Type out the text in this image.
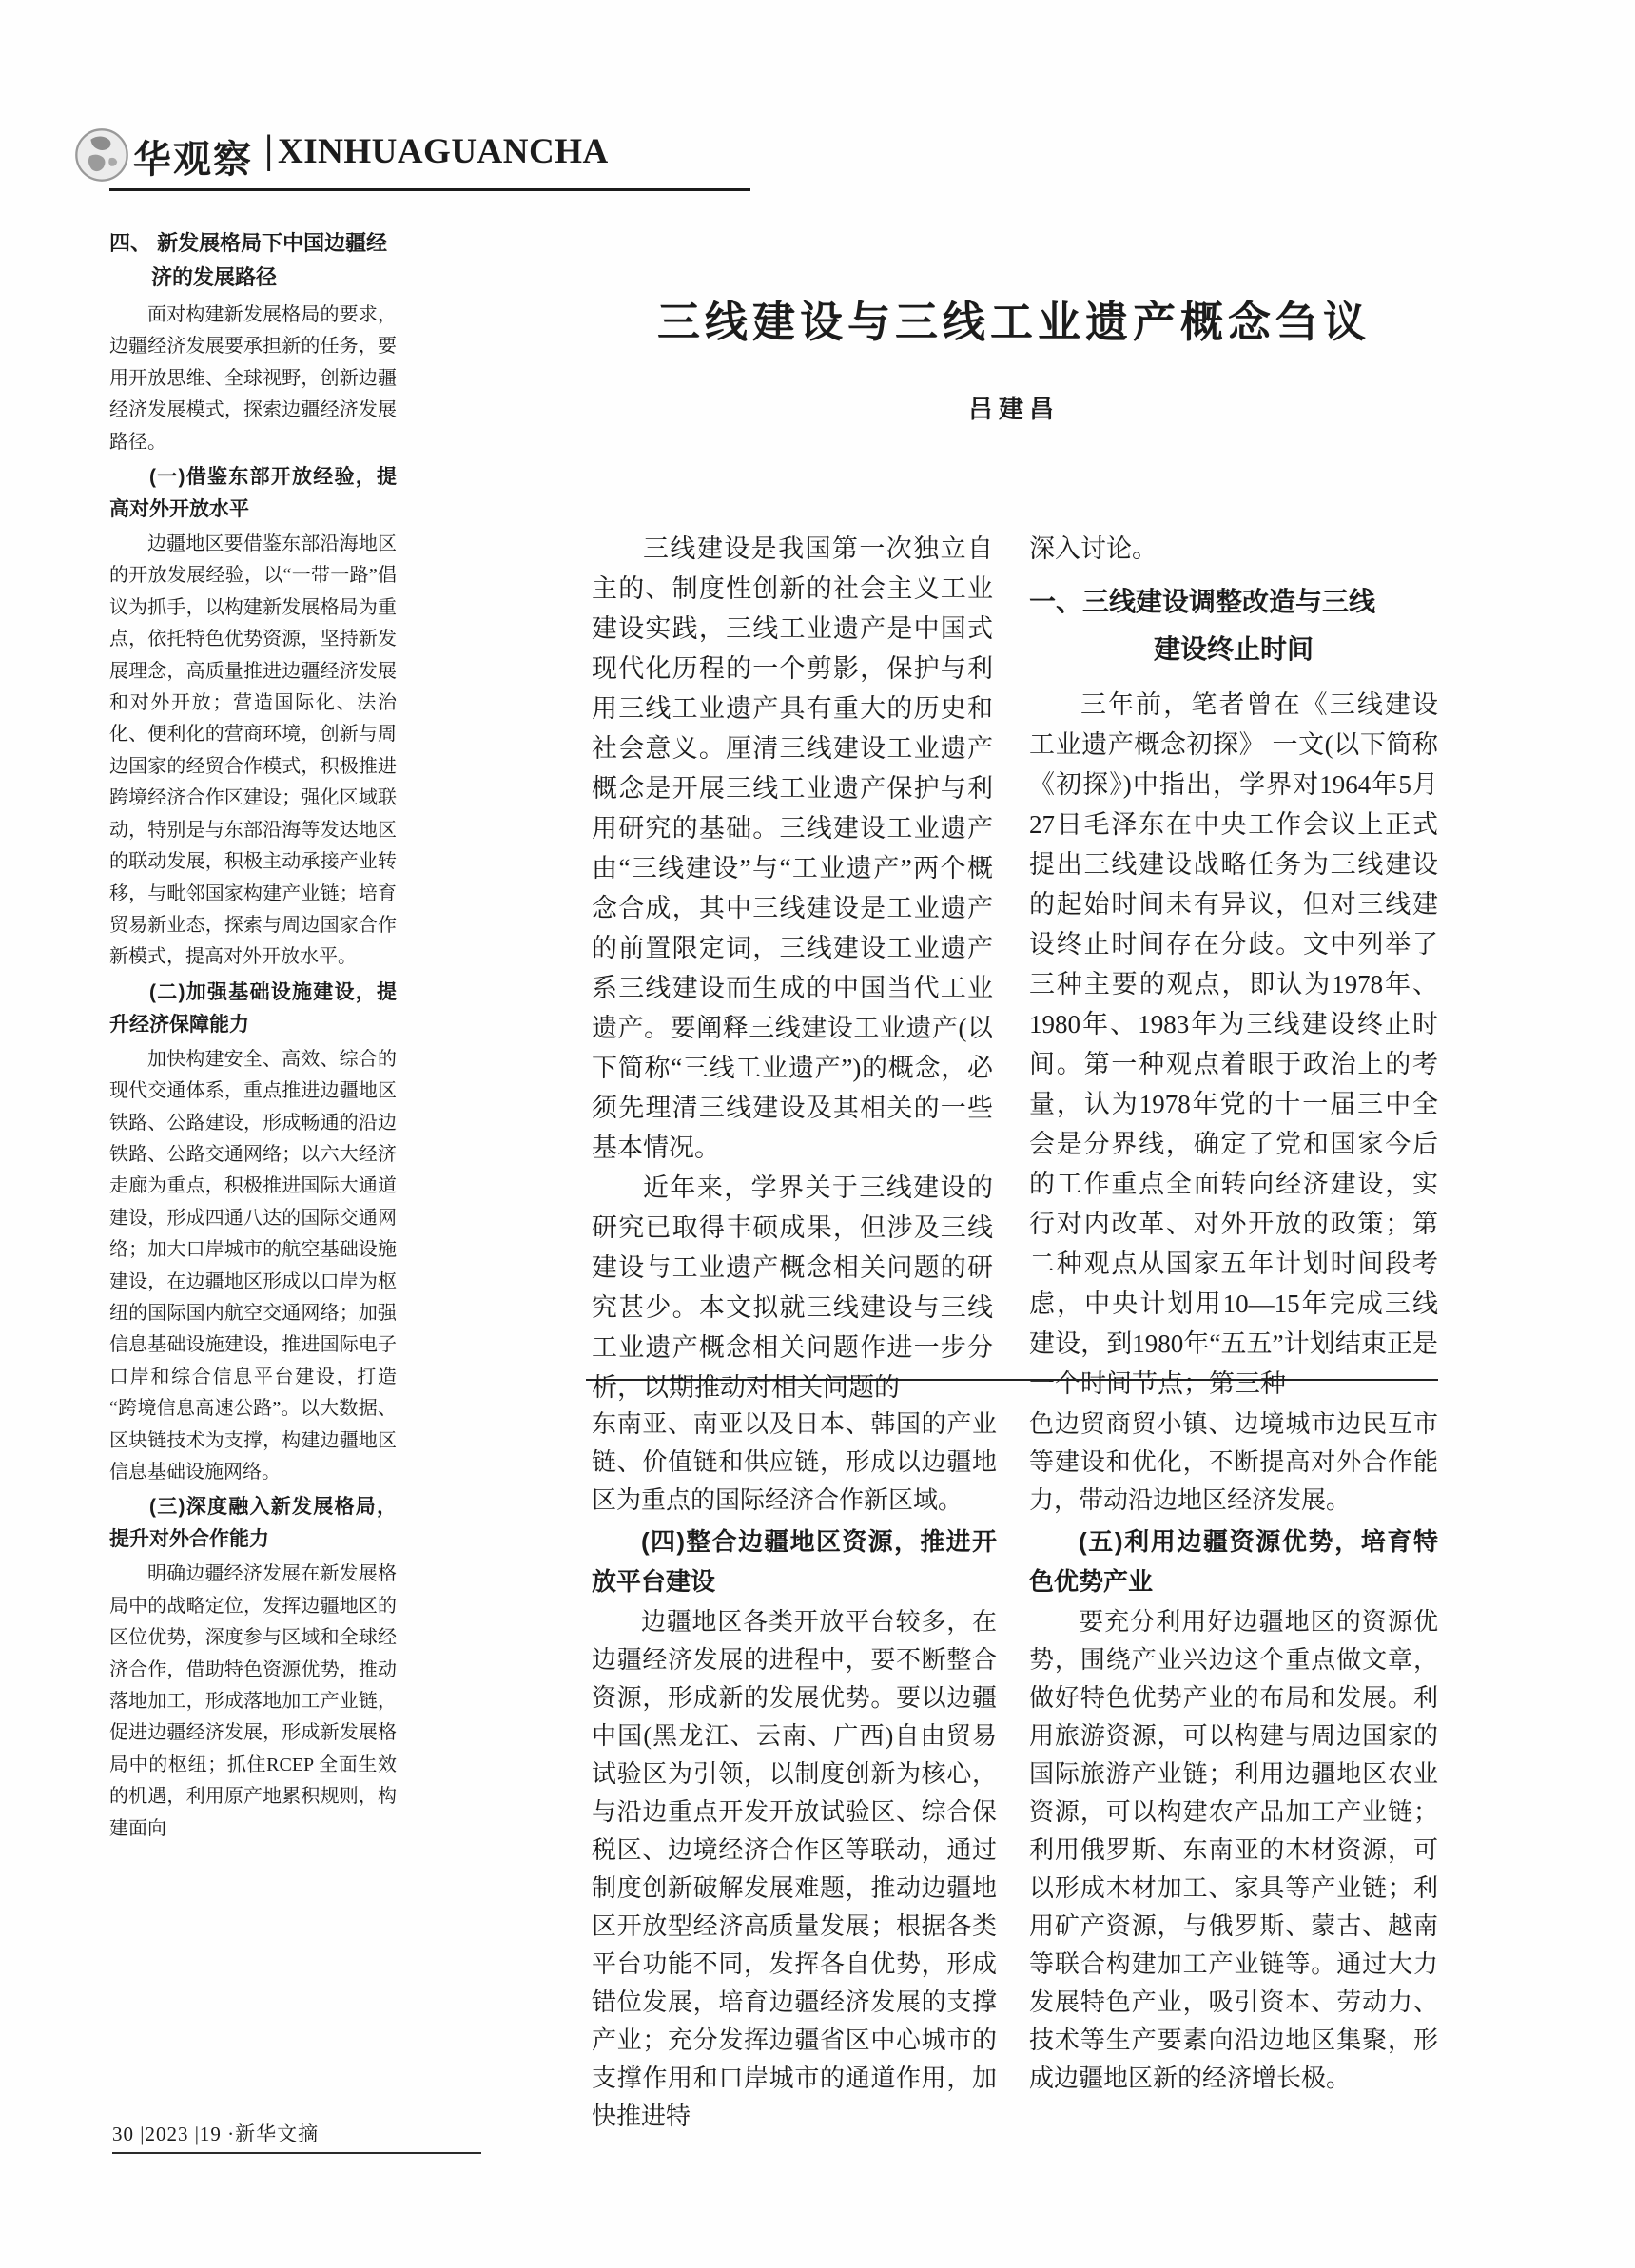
华观察 | XINHUAGUANCHA
四、 新发展格局下中国边疆经
济的发展路径

面对构建新发展格局的要求，边疆经济发展要承担新的任务，要用开放思维、全球视野，创新边疆经济发展模式，探索边疆经济发展路径。

(一)借鉴东部开放经验，提高对外开放水平

边疆地区要借鉴东部沿海地区的开放发展经验，以“一带一路”倡议为抓手，以构建新发展格局为重点，依托特色优势资源，坚持新发展理念，高质量推进边疆经济发展和对外开放；营造国际化、法治化、便利化的营商环境，创新与周边国家的经贸合作模式，积极推进跨境经济合作区建设；强化区域联动，特别是与东部沿海等发达地区的联动发展，积极主动承接产业转移，与毗邻国家构建产业链；培育贸易新业态，探索与周边国家合作新模式，提高对外开放水平。

(二)加强基础设施建设，提升经济保障能力

加快构建安全、高效、综合的现代交通体系，重点推进边疆地区铁路、公路建设，形成畅通的沿边铁路、公路交通网络；以六大经济走廊为重点，积极推进国际大通道建设，形成四通八达的国际交通网络；加大口岸城市的航空基础设施建设，在边疆地区形成以口岸为枢纽的国际国内航空交通网络；加强信息基础设施建设，推进国际电子口岸和综合信息平台建设，打造“跨境信息高速公路”。以大数据、区块链技术为支撑，构建边疆地区信息基础设施网络。

(三)深度融入新发展格局，提升对外合作能力

明确边疆经济发展在新发展格局中的战略定位，发挥边疆地区的区位优势，深度参与区域和全球经济合作，借助特色资源优势，推动落地加工，形成落地加工产业链，促进边疆经济发展，形成新发展格局中的枢纽；抓住RCEP 全面生效的机遇，利用原产地累积规则，构建面向

三线建设与三线工业遗产概念刍议
吕建昌

三线建设是我国第一次独立自主的、制度性创新的社会主义工业建设实践，三线工业遗产是中国式现代化历程的一个剪影，保护与利用三线工业遗产具有重大的历史和社会意义。厘清三线建设工业遗产概念是开展三线工业遗产保护与利用研究的基础。三线建设工业遗产由“三线建设”与“工业遗产”两个概念合成，其中三线建设是工业遗产的前置限定词，三线建设工业遗产系三线建设而生成的中国当代工业遗产。要阐释三线建设工业遗产(以下简称“三线工业遗产”)的概念，必须先理清三线建设及其相关的一些基本情况。

近年来，学界关于三线建设的研究已取得丰硕成果，但涉及三线建设与工业遗产概念相关问题的研究甚少。本文拟就三线建设与三线工业遗产概念相关问题作进一步分析，以期推动对相关问题的

深入讨论。

一、三线建设调整改造与三线
建设终止时间

三年前，笔者曾在《三线建设工业遗产概念初探》 一文(以下简称《初探》)中指出，学界对1964年5月27日毛泽东在中央工作会议上正式提出三线建设战略任务为三线建设的起始时间未有异议，但对三线建设终止时间存在分歧。文中列举了三种主要的观点，即认为1978年、1980年、1983年为三线建设终止时间。第一种观点着眼于政治上的考量，认为1978年党的十一届三中全会是分界线，确定了党和国家今后的工作重点全面转向经济建设，实行对内改革、对外开放的政策；第二种观点从国家五年计划时间段考虑，中央计划用10—15年完成三线建设，到1980年“五五”计划结束正是一个时间节点；第三种

东南亚、南亚以及日本、韩国的产业链、价值链和供应链，形成以边疆地区为重点的国际经济合作新区域。

(四)整合边疆地区资源，推进开放平台建设

边疆地区各类开放平台较多，在边疆经济发展的进程中，要不断整合资源，形成新的发展优势。要以边疆中国(黑龙江、云南、广西)自由贸易试验区为引领，以制度创新为核心，与沿边重点开发开放试验区、综合保税区、边境经济合作区等联动，通过制度创新破解发展难题，推动边疆地区开放型经济高质量发展；根据各类平台功能不同，发挥各自优势，形成错位发展，培育边疆经济发展的支撑产业；充分发挥边疆省区中心城市的支撑作用和口岸城市的通道作用，加快推进特

色边贸商贸小镇、边境城市边民互市等建设和优化，不断提高对外合作能力，带动沿边地区经济发展。

(五)利用边疆资源优势，培育特色优势产业

要充分利用好边疆地区的资源优势，围绕产业兴边这个重点做文章，做好特色优势产业的布局和发展。利用旅游资源，可以构建与周边国家的国际旅游产业链；利用边疆地区农业资源，可以构建农产品加工产业链；利用俄罗斯、东南亚的木材资源，可以形成木材加工、家具等产业链；利用矿产资源，与俄罗斯、蒙古、越南等联合构建加工产业链等。通过大力发展特色产业，吸引资本、劳动力、技术等生产要素向沿边地区集聚，形成边疆地区新的经济增长极。

30 |2023 |19 ·新华文摘
